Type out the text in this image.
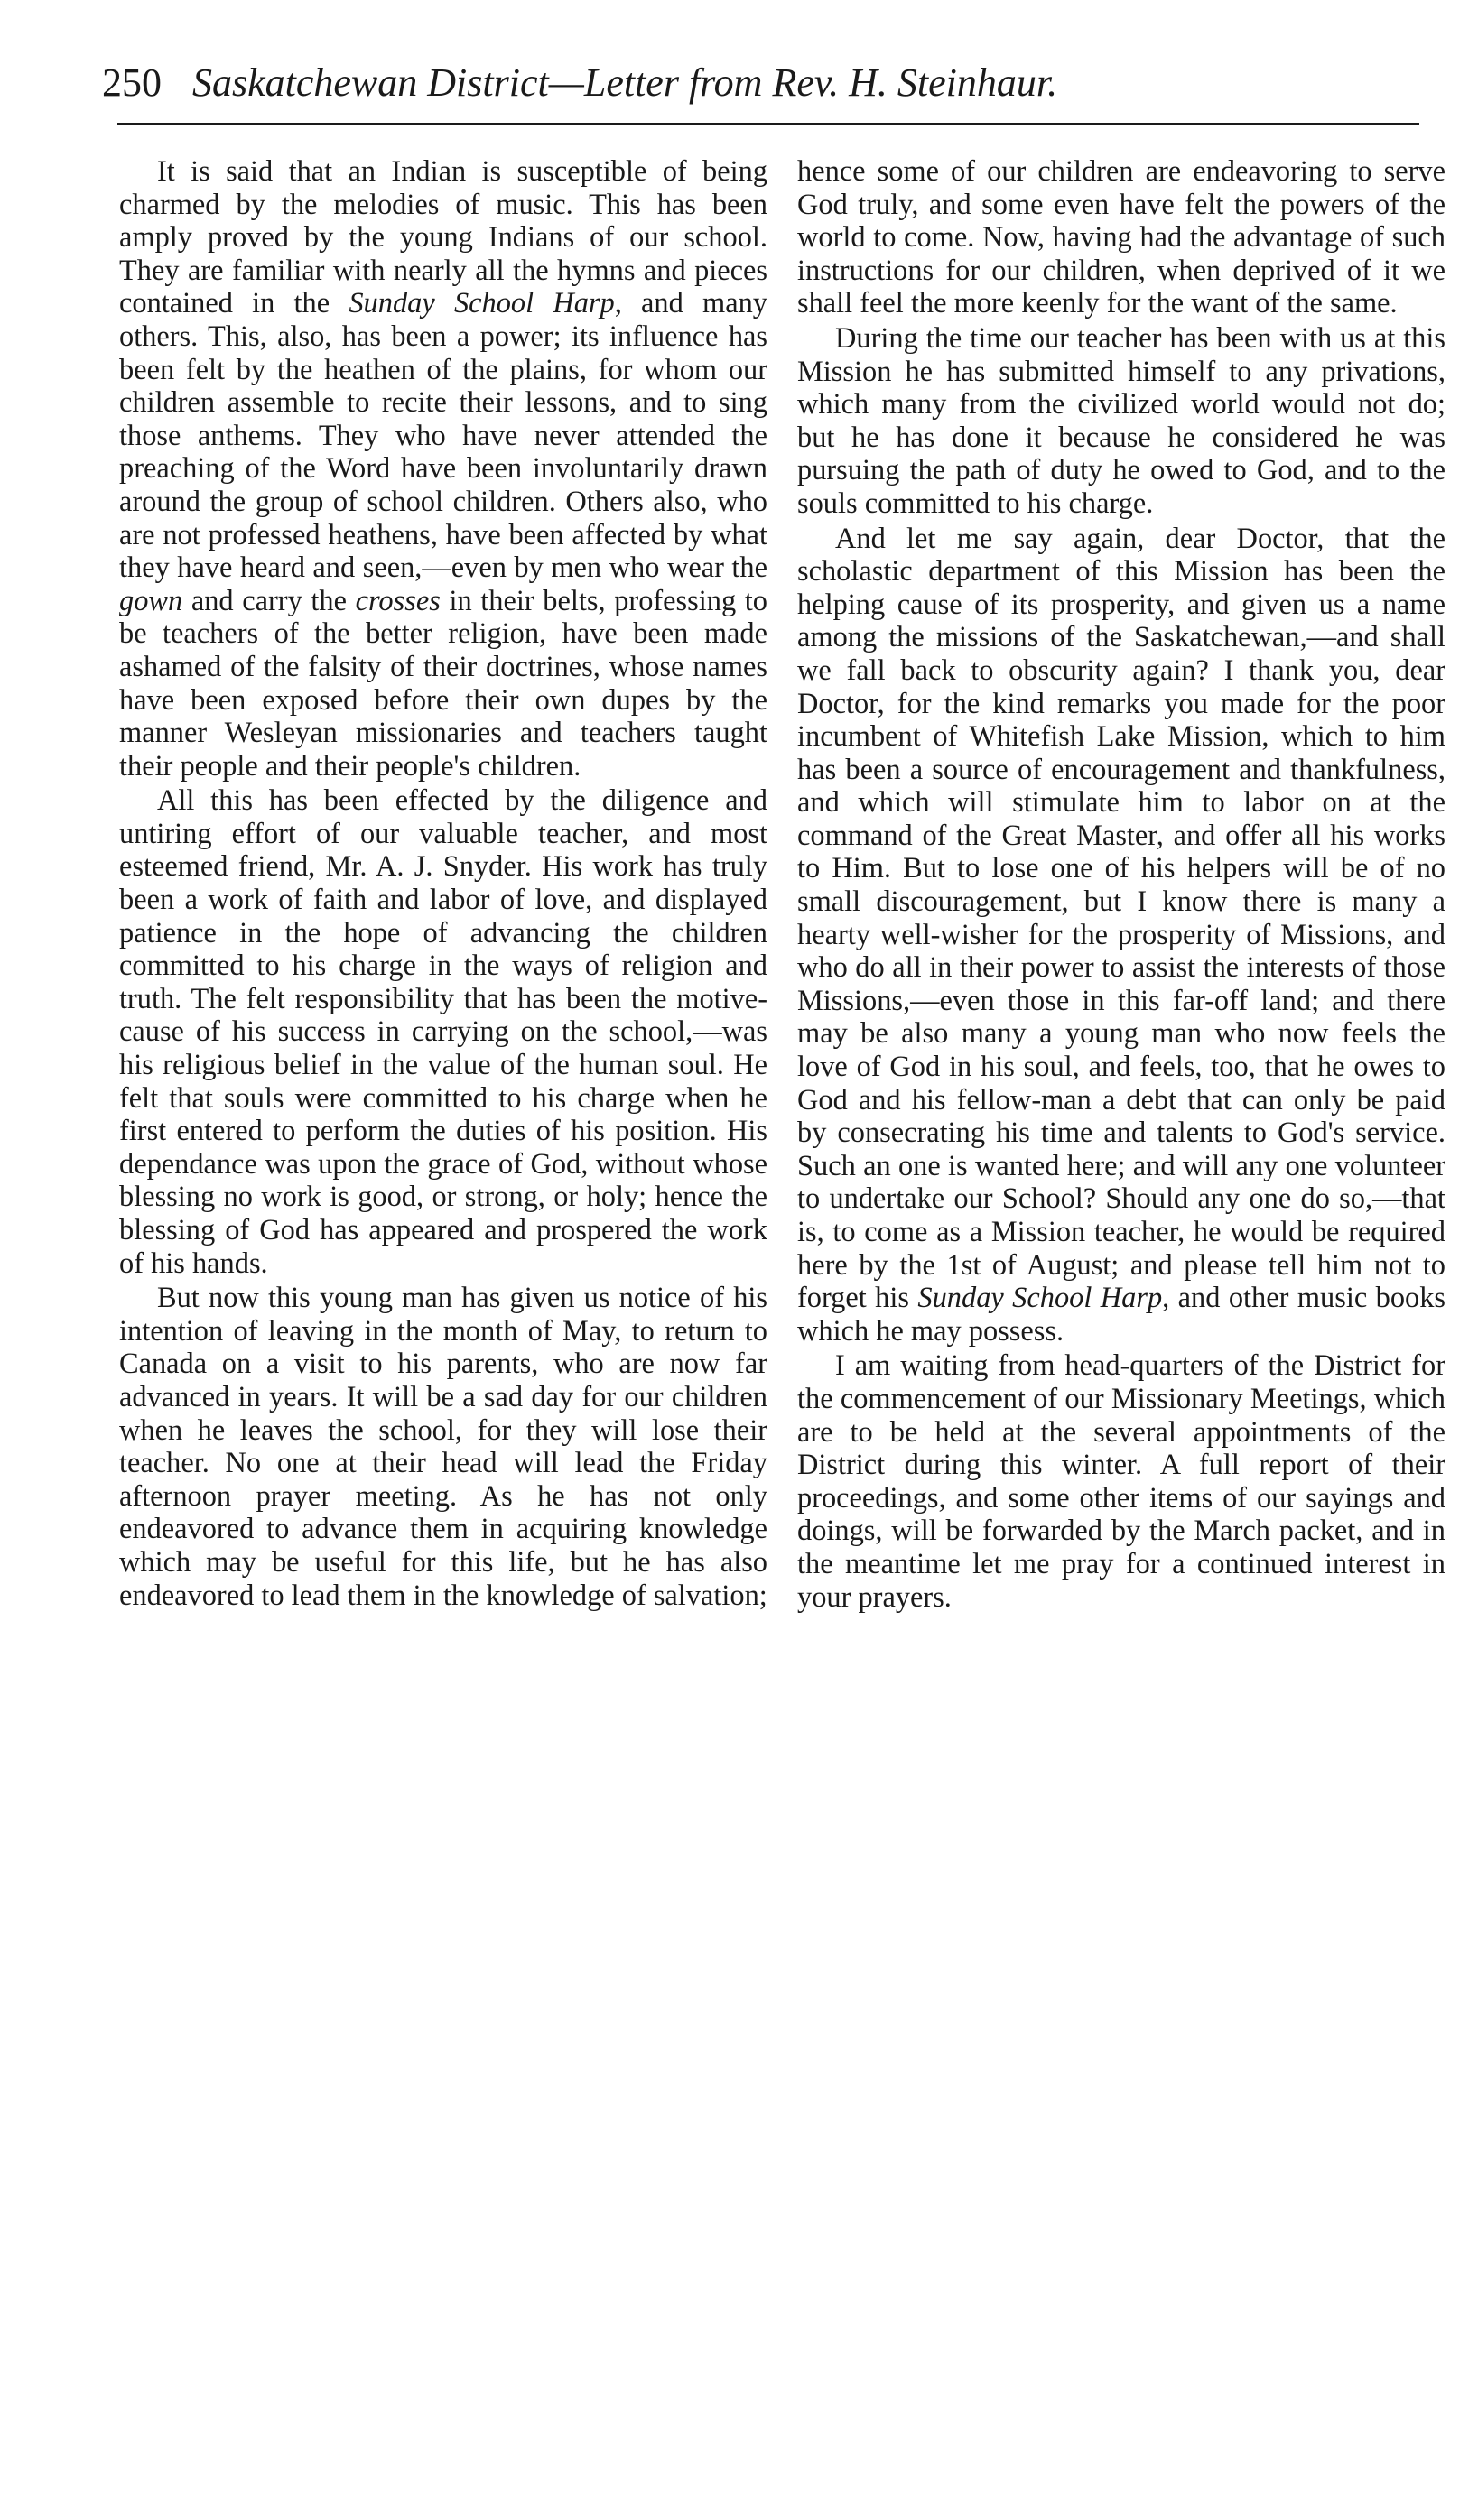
250 Saskatchewan District—Letter from Rev. H. Steinhaur.

It is said that an Indian is susceptible of being charmed by the melodies of music. This has been amply proved by the young Indians of our school. They are familiar with nearly all the hymns and pieces contained in the Sunday School Harp, and many others. This, also, has been a power; its influence has been felt by the heathen of the plains, for whom our children assemble to recite their lessons, and to sing those anthems. They who have never attended the preaching of the Word have been involuntarily drawn around the group of school children. Others also, who are not professed heathens, have been affected by what they have heard and seen,—even by men who wear the gown and carry the crosses in their belts, professing to be teachers of the better religion, have been made ashamed of the falsity of their doctrines, whose names have been exposed before their own dupes by the manner Wesleyan missionaries and teachers taught their people and their people's children.

All this has been effected by the diligence and untiring effort of our valuable teacher, and most esteemed friend, Mr. A. J. Snyder. His work has truly been a work of faith and labor of love, and displayed patience in the hope of advancing the children committed to his charge in the ways of religion and truth. The felt responsibility that has been the motive-cause of his success in carrying on the school,—was his religious belief in the value of the human soul. He felt that souls were committed to his charge when he first entered to perform the duties of his position. His dependance was upon the grace of God, without whose blessing no work is good, or strong, or holy; hence the blessing of God has appeared and prospered the work of his hands.

But now this young man has given us notice of his intention of leaving in the month of May, to return to Canada on a visit to his parents, who are now far advanced in years. It will be a sad day for our children when he leaves the school, for they will lose their teacher. No one at their head will lead the Friday afternoon prayer meeting. As he has not only endeavored to advance them in acquiring knowledge which may be useful for this life, but he has also endeavored to lead them in the knowledge of salvation;

hence some of our children are endeavoring to serve God truly, and some even have felt the powers of the world to come. Now, having had the advantage of such instructions for our children, when deprived of it we shall feel the more keenly for the want of the same.

During the time our teacher has been with us at this Mission he has submitted himself to any privations, which many from the civilized world would not do; but he has done it because he considered he was pursuing the path of duty he owed to God, and to the souls committed to his charge.

And let me say again, dear Doctor, that the scholastic department of this Mission has been the helping cause of its prosperity, and given us a name among the missions of the Saskatchewan,—and shall we fall back to obscurity again? I thank you, dear Doctor, for the kind remarks you made for the poor incumbent of Whitefish Lake Mission, which to him has been a source of encouragement and thankfulness, and which will stimulate him to labor on at the command of the Great Master, and offer all his works to Him. But to lose one of his helpers will be of no small discouragement, but I know there is many a hearty well-wisher for the prosperity of Missions, and who do all in their power to assist the interests of those Missions,—even those in this far-off land; and there may be also many a young man who now feels the love of God in his soul, and feels, too, that he owes to God and his fellow-man a debt that can only be paid by consecrating his time and talents to God's service. Such an one is wanted here; and will any one volunteer to undertake our School? Should any one do so,—that is, to come as a Mission teacher, he would be required here by the 1st of August; and please tell him not to forget his Sunday School Harp, and other music books which he may possess.

I am waiting from head-quarters of the District for the commencement of our Missionary Meetings, which are to be held at the several appointments of the District during this winter. A full report of their proceedings, and some other items of our sayings and doings, will be forwarded by the March packet, and in the meantime let me pray for a continued interest in your prayers.
